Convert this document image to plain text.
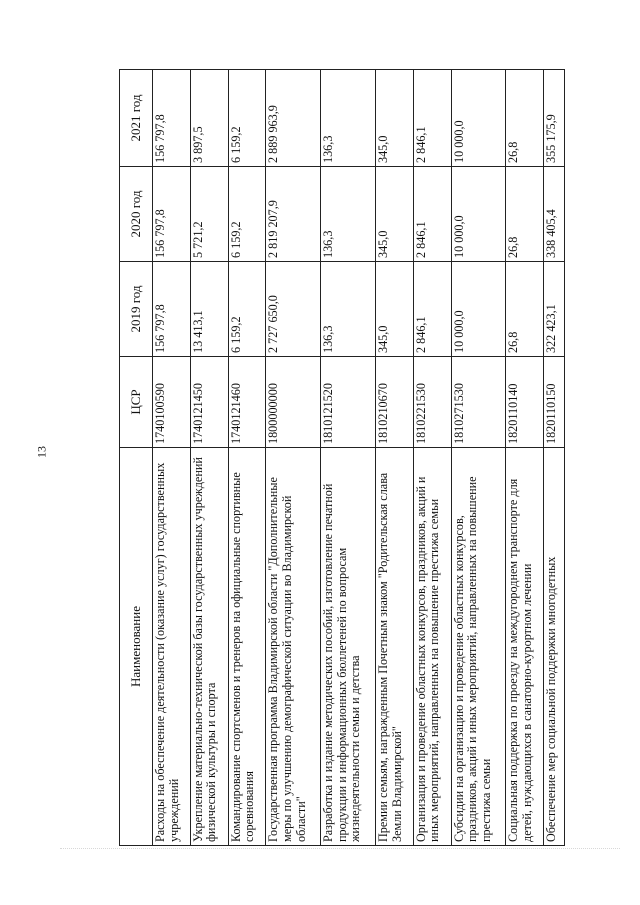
13
Наименование	ЦСР	2019 год	2020 год	2021 год
Расходы на обеспечение деятельности (оказание услуг) государственных учреждений	1740100590	156 797,8	156 797,8	156 797,8
Укрепление материально-технической базы государственных учреждений физической культуры и спорта	1740121450	13 413,1	5 721,2	3 897,5
Командирование спортсменов и тренеров на официальные спортивные соревнования	1740121460	6 159,2	6 159,2	6 159,2
Государственная программа Владимирской области "Дополнительные меры по улучшению демографической ситуации во Владимирской области"	1800000000	2 727 650,0	2 819 207,9	2 889 963,9
Разработка и издание методических пособий, изготовление печатной продукции и информационных бюллетеней по вопросам жизнедеятельности семьи и детства	1810121520	136,3	136,3	136,3
Премии семьям, награжденным Почетным знаком "Родительская слава Земли Владимирской"	1810210670	345,0	345,0	345,0
Организация и проведение областных конкурсов, праздников, акций и иных мероприятий, направленных на повышение престижа семьи	1810221530	2 846,1	2 846,1	2 846,1
Субсидии на организацию и проведение областных конкурсов, праздников, акций и иных мероприятий, направленных на повышение престижа семьи	1810271530	10 000,0	10 000,0	10 000,0
Социальная поддержка по проезду на междугороднем транспорте для детей, нуждающихся в санаторно-курортном лечении	1820110140	26,8	26,8	26,8
Обеспечение мер социальной поддержки многодетных	1820110150	322 423,1	338 405,4	355 175,9
